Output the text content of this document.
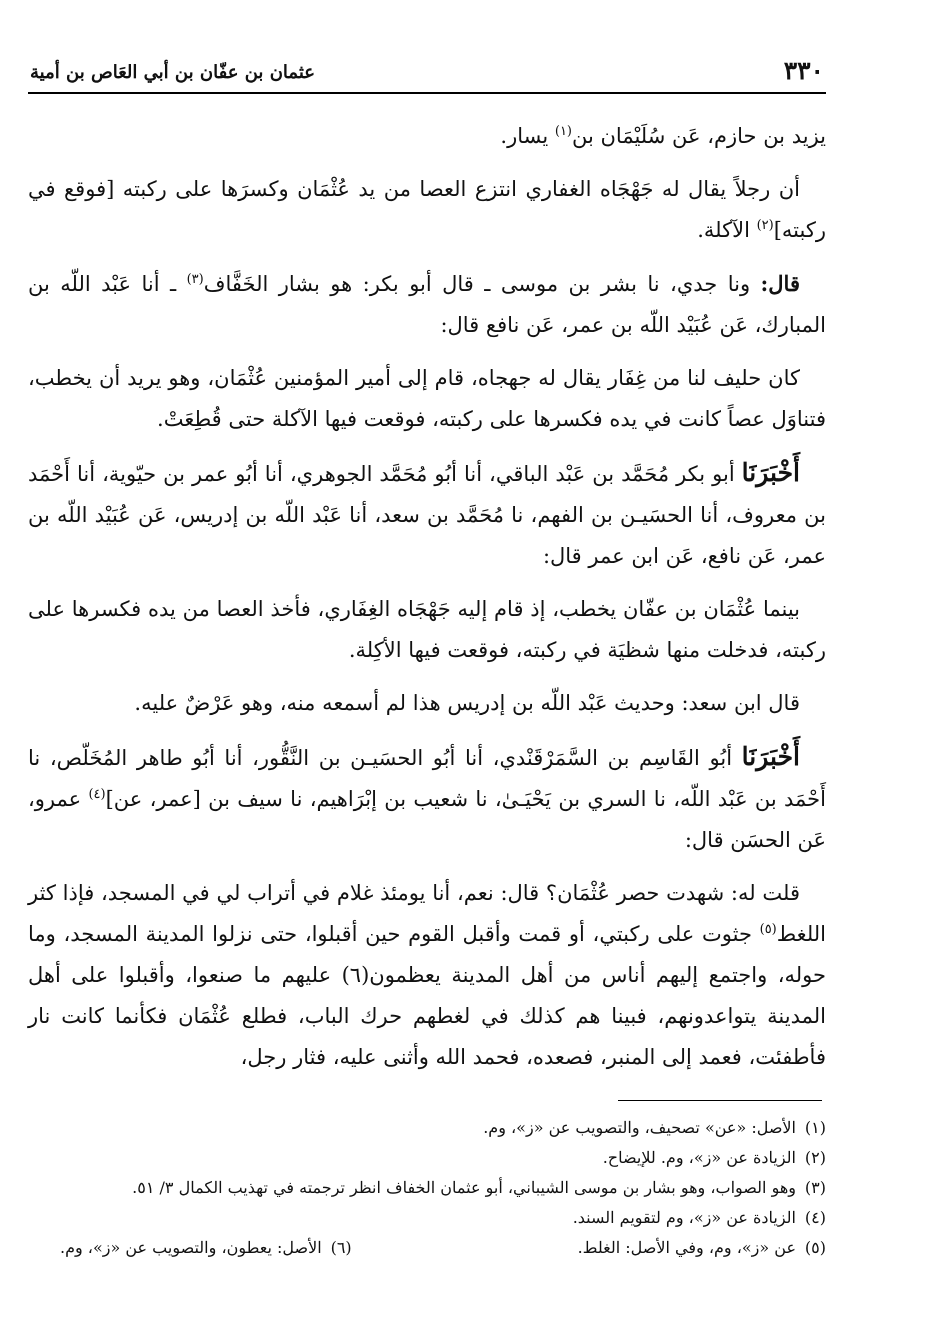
٣٣٠
عثمان بن عفّان بن أبي العَاص بن أمية

يزيد بن حازم، عَن سُلَيْمَان بن$^{(١)}$ يسار.

أن رجلاً يقال له جَهْجَاه الغفاري انتزع العصا من يد عُثْمَان وكسرَها على ركبته [فوقع في ركبته]$^{(٢)}$ الآكلة.

قال: ونا جدي، نا بشر بن موسى ـ قال أبو بكر: هو بشار الخَفَّاف$^{(٣)}$ ـ أنا عَبْد اللّه بن المبارك، عَن عُبَيْد اللّه بن عمر، عَن نافع قال:

كان حليف لنا من غِفَار يقال له جهجاه، قام إلى أمير المؤمنين عُثْمَان، وهو يريد أن يخطب، فتناوَل عصاً كانت في يده فكسرها على ركبته، فوقعت فيها الآكلة حتى قُطِعَتْ.

أَخْبَرَنَا أبو بكر مُحَمَّد بن عَبْد الباقي، أنا أبُو مُحَمَّد الجوهري، أنا أبُو عمر بن حيّوية، أنا أَحْمَد بن معروف، أنا الحسَيـن بن الفهم، نا مُحَمَّد بن سعد، أنا عَبْد اللّه بن إدريس، عَن عُبَيْد اللّه بن عمر، عَن نافع، عَن ابن عمر قال:

بينما عُثْمَان بن عفّان يخطب، إذ قام إليه جَهْجَاه الغِفَاري، فأخذ العصا من يده فكسرها على ركبته، فدخلت منها شظيَة في ركبته، فوقعت فيها الأكِلة.

قال ابن سعد: وحديث عَبْد اللّه بن إدريس هذا لم أسمعه منه، وهو عَرْضٌ عليه.

أَخْبَرَنَا أبُو القَاسِم بن السَّمَرْقَنْدي، أنا أبُو الحسَيـن بن النَّقُّور، أنا أبُو طاهر المُخَلّص، نا أَحْمَد بن عَبْد اللّه، نا السري بن يَحْيَـىٰ، نا شعيب بن إبْرَاهيم، نا سيف بن [عمر، عن]$^{(٤)}$ عمرو، عَن الحسَن قال:

قلت له: شهدت حصر عُثْمَان؟ قال: نعم، أنا يومئذ غلام في أتراب لي في المسجد، فإذا كثر اللغط$^{(٥)}$ جثوت على ركبتي، أو قمت وأقبل القوم حين أقبلوا، حتى نزلوا المدينة المسجد، وما حوله، واجتمع إليهم أناس من أهل المدينة يعظمون(٦) عليهم ما صنعوا، وأقبلوا على أهل المدينة يتواعدونهم، فبينا هم كذلك في لغطهم حرك الباب، فطلع عُثْمَان فكأنما كانت نار فأطفئت، فعمد إلى المنبر، فصعده، فحمد الله وأثنى عليه، فثار رجل،

(١)الأصل: «عن» تصحيف، والتصويب عن «ز»، وم.
(٢)الزيادة عن «ز»، وم. للإيضاح.
(٣)وهو الصواب، وهو بشار بن موسى الشيباني، أبو عثمان الخفاف انظر ترجمته في تهذيب الكمال ٣/ ٥١.
(٤)الزيادة عن «ز»، وم لتقويم السند.
(٥)عن «ز»، وم، وفي الأصل: الغلط.
(٦)الأصل: يعطون، والتصويب عن «ز»، وم.
